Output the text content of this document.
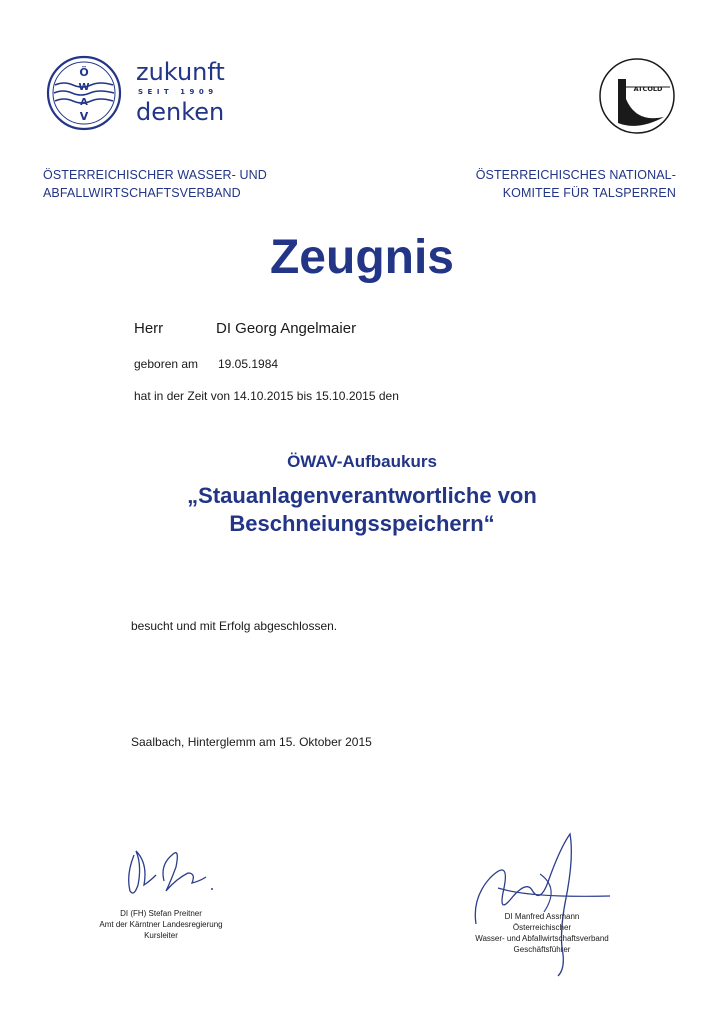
Ö
W
A
V
zukunft
SEIT 1909
denken
ATCOLD
ÖSTERREICHISCHER WASSER- UND
ABFALLWIRTSCHAFTSVERBAND
ÖSTERREICHISCHES NATIONAL-
KOMITEE FÜR TALSPERREN
Zeugnis
Herr	DI Georg Angelmaier
geboren am 19.05.1984
hat in der Zeit von 14.10.2015 bis 15.10.2015 den
ÖWAV-Aufbaukurs
„Stauanlagenverantwortliche von
Beschneiungsspeichern“
besucht und mit Erfolg abgeschlossen.
Saalbach, Hinterglemm am 15. Oktober 2015
DI (FH) Stefan Preitner
Amt der Kärntner Landesregierung
Kursleiter
DI Manfred Assmann
Österreichischer
Wasser- und Abfallwirtschaftsverband
Geschäftsführer
